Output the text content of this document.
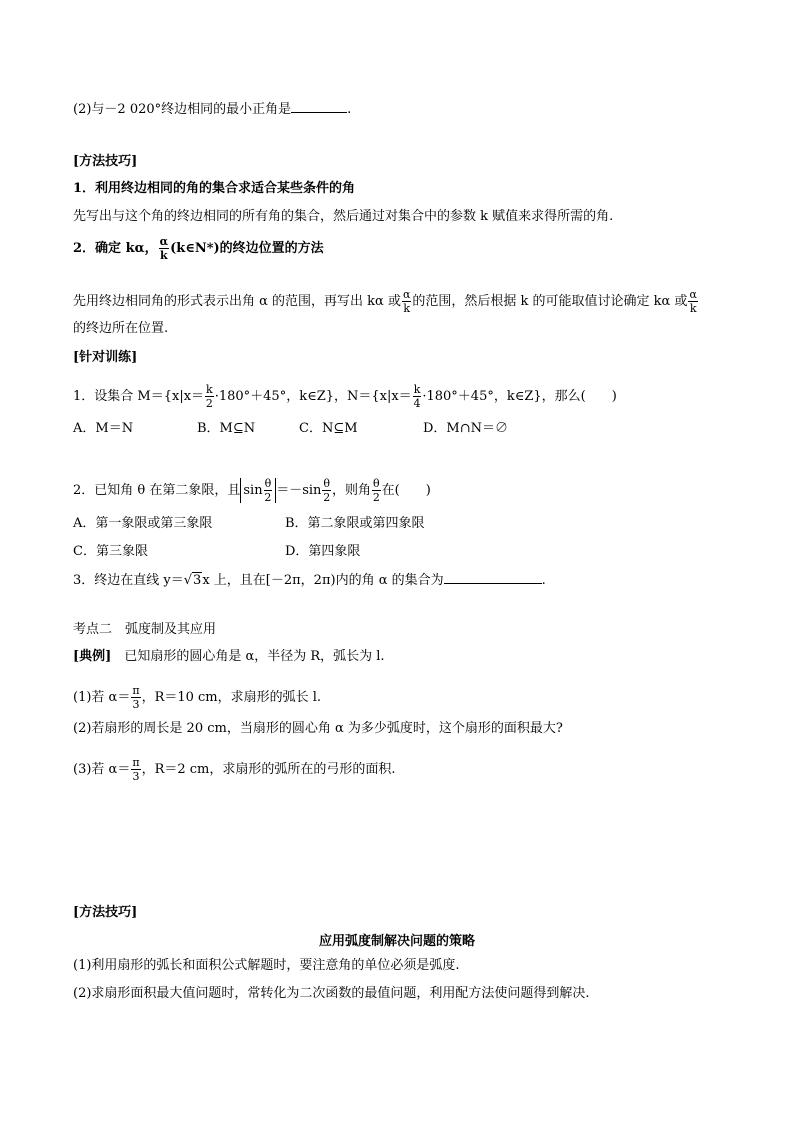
(2)与－2 020°终边相同的最小正角是	.
[方法技巧]
1．利用终边相同的角的集合求适合某些条件的角
先写出与这个角的终边相同的所有角的集合，然后通过对集合中的参数 k 赋值来求得所需的角.
2．确定 kα， $\frac{\alpha}{k}$ (k∈N*)的终边位置的方法
先用终边相同角的形式表示出角 α 的范围，再写出 kα 或 $\frac{\alpha}{k}$ 的范围，然后根据 k 的可能取值讨论确定 kα 或 $\frac{\alpha}{k}$
的终边所在位置.
[针对训练]
1．设集合 $M=\{x|x= \frac{k}{2} \cdot 180^\circ+45^\circ$，k∈Z}，$N=\{x|x= \frac{k}{4} \cdot 180^\circ+45^\circ$，k∈Z}，那么(　　)
A．M＝N	B．M⊆N	C．N⊆M	D．M∩N＝∅
2．已知角 θ 在第二象限，且 $\sin \frac{\theta}{2} =-\sin \frac{\theta}{2}$ ，则角 $\frac{\theta}{2}$ 在(　　)
A．第一象限或第三象限	B．第二象限或第四象限
C．第三象限	D．第四象限
3．终边在直线 y＝√3x 上，且在[－2π，2π)内的角 α 的集合为	.
考点二　弧度制及其应用
[典例]　已知扇形的圆心角是 α，半径为 R，弧长为 l.
(1)若 $\alpha= \frac{\pi}{3}$ ，R＝10 cm，求扇形的弧长 l.
(2)若扇形的周长是 20 cm，当扇形的圆心角 α 为多少弧度时，这个扇形的面积最大?
(3)若 $\alpha= \frac{\pi}{3}$ ，R＝2 cm，求扇形的弧所在的弓形的面积.
[方法技巧]
应用弧度制解决问题的策略
(1)利用扇形的弧长和面积公式解题时，要注意角的单位必须是弧度.
(2)求扇形面积最大值问题时，常转化为二次函数的最值问题，利用配方法使问题得到解决.
